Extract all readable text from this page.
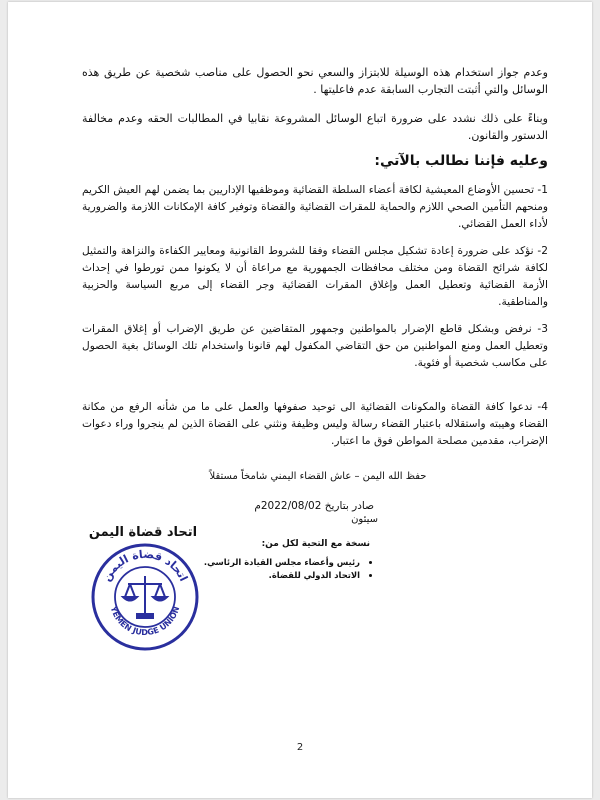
وعدم جواز استخدام هذه الوسيلة للابتزاز والسعي نحو الحصول على مناصب شخصية عن طريق هذه الوسائل والتي أثبتت التجارب السابقة عدم فاعليتها .
وبناءً على ذلك نشدد على ضرورة اتباع الوسائل المشروعة نقابيا في المطالبات الحقه وعدم مخالفة الدستور والقانون.
وعليه فإننا نطالب بالآتي:
1- تحسين الأوضاع المعيشية لكافة أعضاء السلطة القضائية وموظفيها الإداريين بما يضمن لهم العيش الكريم ومنحهم التأمين الصحي اللازم والحماية للمقرات القضائية والقضاة وتوفير كافة الإمكانات اللازمة والضرورية لأداء العمل القضائي.
2- نؤكد على ضرورة إعادة تشكيل مجلس القضاء وفقا للشروط القانونية ومعايير الكفاءة والنزاهة والتمثيل لكافة شرائح القضاة ومن مختلف محافظات الجمهورية مع مراعاة أن لا يكونوا ممن تورطوا في إحداث الأزمة القضائية وتعطيل العمل وإغلاق المقرات القضائية وجر القضاء إلى مربع السياسة والحزبية والمناطقية.
3- نرفض وبشكل قاطع الإضرار بالمواطنين وجمهور المتقاضين عن طريق الإضراب أو إغلاق المقرات وتعطيل العمل ومنع المواطنين من حق التقاضي المكفول لهم قانونا واستخدام تلك الوسائل بغية الحصول على مكاسب شخصية أو فئوية.
4- ندعوا كافة القضاة والمكونات القضائية الى توحيد صفوفها والعمل على ما من شأنه الرفع من مكانة القضاء وهيبته واستقلاله باعتبار القضاء رسالة وليس وظيفة ونثني على القضاة الذين لم ينجروا وراء دعوات الإضراب، مقدمين مصلحة المواطن فوق ما اعتبار.
حفظ الله اليمن – عاش القضاء اليمني شامخاً مستقلاً
صادر بتاريخ 2022/08/02م
سيئون
نسخة مع التحية لكل من:
• رئيس وأعضاء مجلس القيادة الرئاسي.
• الاتحاد الدولي للقضاة.
اتحاد قضاة اليمن
اتحاد قضاة اليمن
YEMEN JUDGE UNION
2
